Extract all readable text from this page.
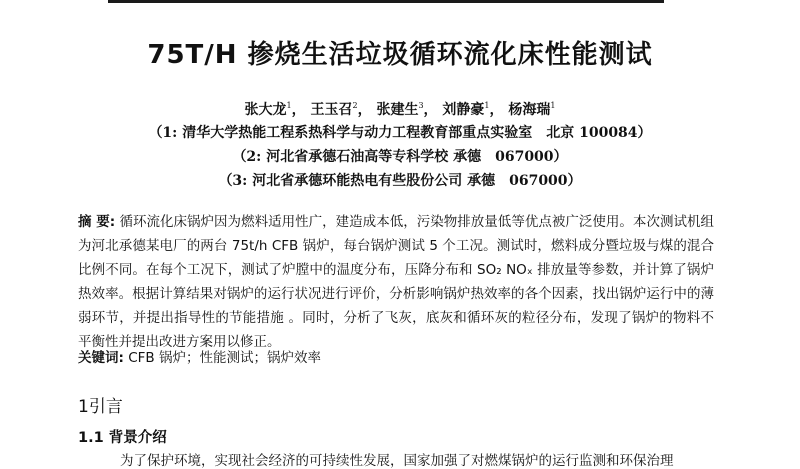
75T/H 掺烧生活垃圾循环流化床性能测试
张大龙$^1$， 王玉召$^2$， 张建生$^3$， 刘静豪$^1$， 杨海瑞$^1$
（1: 清华大学热能工程系热科学与动力工程教育部重点实验室　北京 100084）
（2: 河北省承德石油高等专科学校 承德　067000）
（3: 河北省承德环能热电有些股份公司 承德　067000）
摘 要: 循环流化床锅炉因为燃料适用性广，建造成本低，污染物排放量低等优点被广泛使用。本次测试机组为河北承德某电厂的两台 75t/h CFB 锅炉，每台锅炉测试 5 个工况。测试时，燃料成分暨垃圾与煤的混合比例不同。在每个工况下，测试了炉膛中的温度分布，压降分布和 SO₂ NOₓ 排放量等参数，并计算了锅炉热效率。根据计算结果对锅炉的运行状况进行评价，分析影响锅炉热效率的各个因素，找出锅炉运行中的薄弱环节，并提出指导性的节能措施 。同时，分析了飞灰，底灰和循环灰的粒径分布，发现了锅炉的物料不平衡性并提出改进方案用以修正。
关键词: CFB 锅炉；性能测试；锅炉效率
1引言
1.1 背景介绍
为了保护环境，实现社会经济的可持续性发展，国家加强了对燃煤锅炉的运行监测和环保治理
